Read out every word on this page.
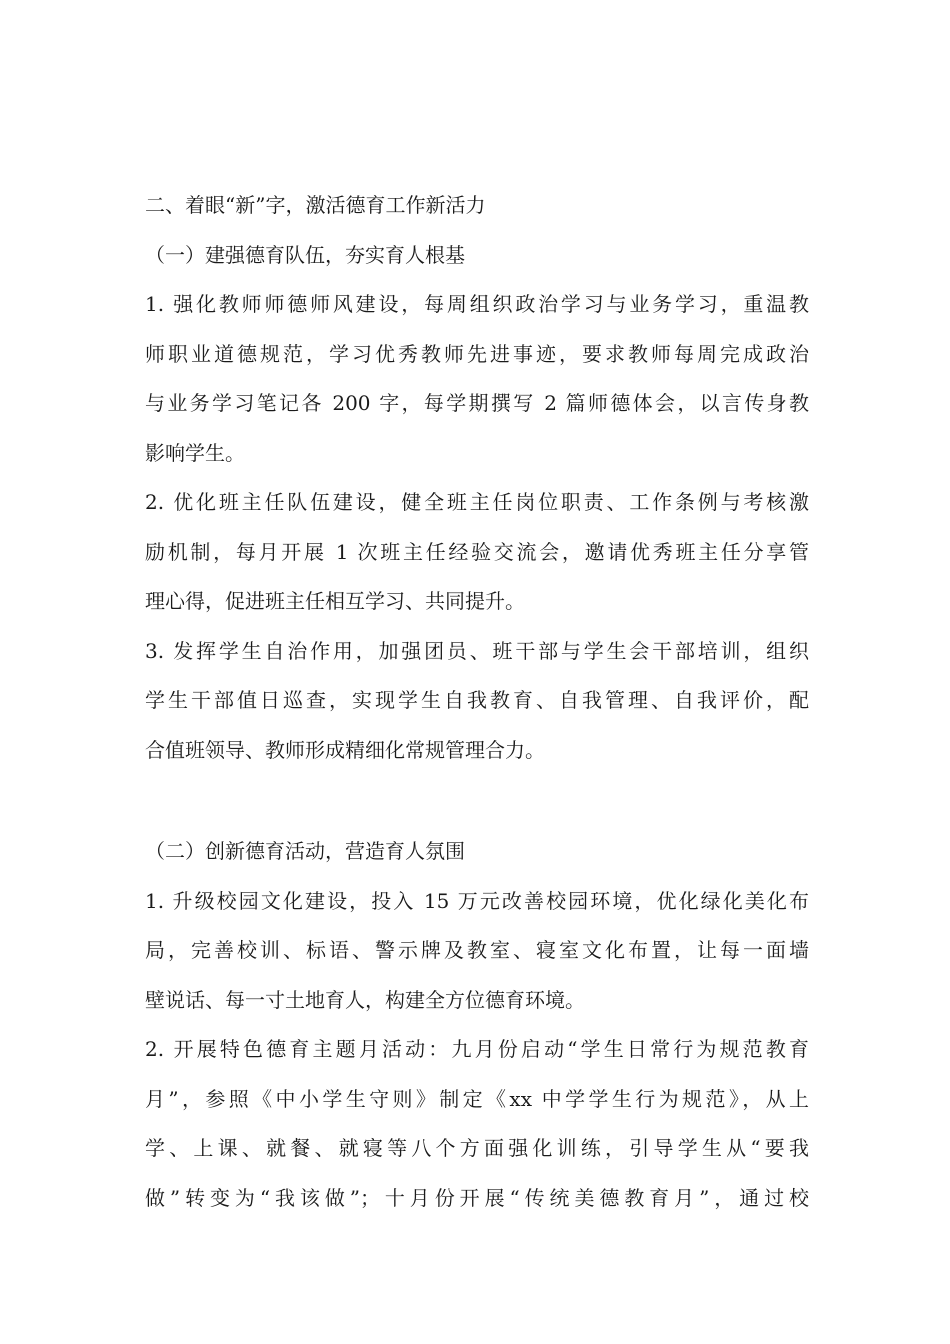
二、着眼“新”字，激活德育工作新活力
（一）建强德育队伍，夯实育人根基
1. 强化教师师德师风建设，每周组织政治学习与业务学习，重温教
师职业道德规范，学习优秀教师先进事迹，要求教师每周完成政治
与业务学习笔记各 200 字，每学期撰写 2 篇师德体会，以言传身教
影响学生。
2. 优化班主任队伍建设，健全班主任岗位职责、工作条例与考核激
励机制，每月开展 1 次班主任经验交流会，邀请优秀班主任分享管
理心得，促进班主任相互学习、共同提升。
3. 发挥学生自治作用，加强团员、班干部与学生会干部培训，组织
学生干部值日巡查，实现学生自我教育、自我管理、自我评价，配
合值班领导、教师形成精细化常规管理合力。
（二）创新德育活动，营造育人氛围
1. 升级校园文化建设，投入 15 万元改善校园环境，优化绿化美化布
局，完善校训、标语、警示牌及教室、寝室文化布置，让每一面墙
壁说话、每一寸土地育人，构建全方位德育环境。
2. 开展特色德育主题月活动：九月份启动“学生日常行为规范教育
月”，参照《中小学生守则》制定《xx 中学学生行为规范》，从上
学、上课、就餐、就寝等八个方面强化训练，引导学生从“要我
做”转变为“我该做”；十月份开展“传统美德教育月”，通过校
